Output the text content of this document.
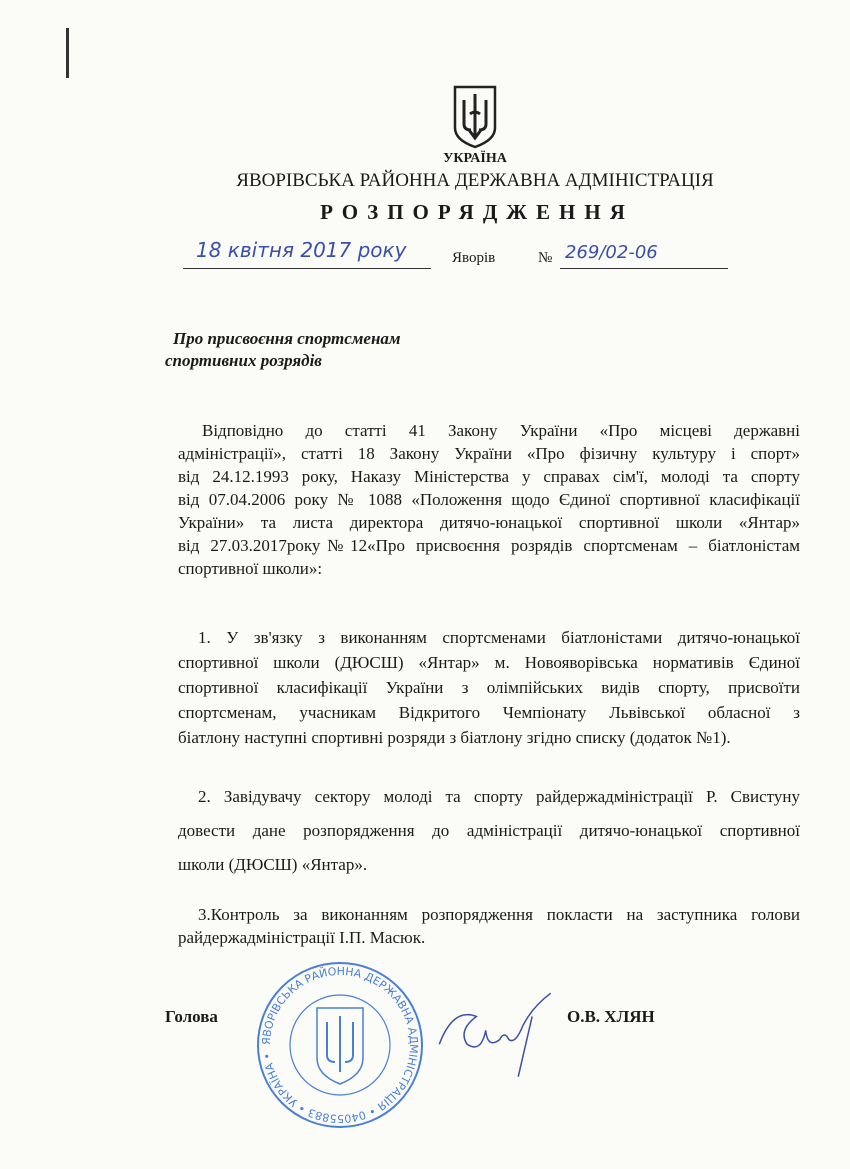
УКРАЇНА
ЯВОРІВСЬКА РАЙОННА ДЕРЖАВНА АДМІНІСТРАЦІЯ
РОЗПОРЯДЖЕННЯ
18 квітня 2017 року	Яворів	№ 269/02-06
Про присвоєння спортсменам
спортивних розрядів
Відповідно до статті 41 Закону України «Про місцеві державні
адміністрації», статті 18 Закону України «Про фізичну культуру і спорт»
від 24.12.1993 року, Наказу Міністерства у справах сім'ї, молоді та спорту
від 07.04.2006 року № 1088 «Положення щодо Єдиної спортивної класифікації
України» та листа директора дитячо-юнацької спортивної школи «Янтар»
від 27.03.2017року№12«Про присвоєння розрядів спортсменам – біатлоністам
спортивної школи»:
1. У зв'язку з виконанням спортсменами біатлоністами дитячо-юнацької
спортивної школи (ДЮСШ) «Янтар» м. Новояворівська нормативів Єдиної
спортивної класифікації України з олімпійських видів спорту, присвоїти
спортсменам, учасникам Відкритого Чемпіонату Львівської обласної з
біатлону наступні спортивні розряди з біатлону згідно списку (додаток №1).
2. Завідувачу сектору молоді та спорту райдержадміністрації Р. Свистуну
довести дане розпорядження до адміністрації дитячо-юнацької спортивної
школи (ДЮСШ) «Янтар».
3.Контроль за виконанням розпорядження покласти на заступника голови
райдержадміністрації І.П. Масюк.
ЯВОРІВСЬКА РАЙОННА ДЕРЖАВНА АДМІНІСТРАЦІЯ • 04055883 • УКРАЇНА •
Голова	О.В. ХЛЯН
